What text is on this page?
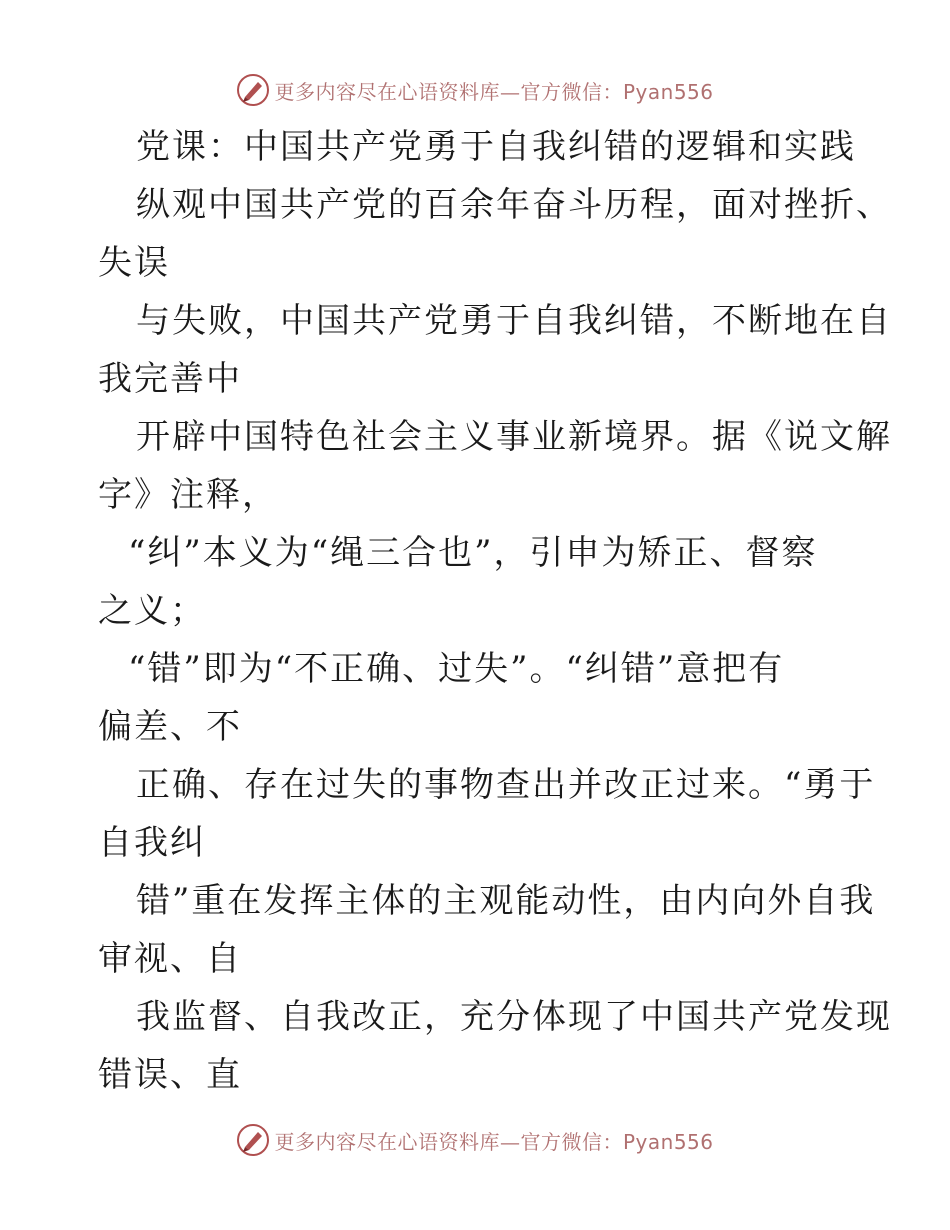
更多内容尽在心语资料库—官方微信：Pyan556
党课：中国共产党勇于自我纠错的逻辑和实践
纵观中国共产党的百余年奋斗历程，面对挫折、
失误
与失败，中国共产党勇于自我纠错，不断地在自
我完善中
开辟中国特色社会主义事业新境界。据《说文解
字》注释，
“纠”本义为“绳三合也”，引申为矫正、督察
之义；
“错”即为“不正确、过失”。“纠错”意把有
偏差、不
正确、存在过失的事物查出并改正过来。“勇于
自我纠
错”重在发挥主体的主观能动性，由内向外自我
审视、自
我监督、自我改正，充分体现了中国共产党发现
错误、直
更多内容尽在心语资料库—官方微信：Pyan556
